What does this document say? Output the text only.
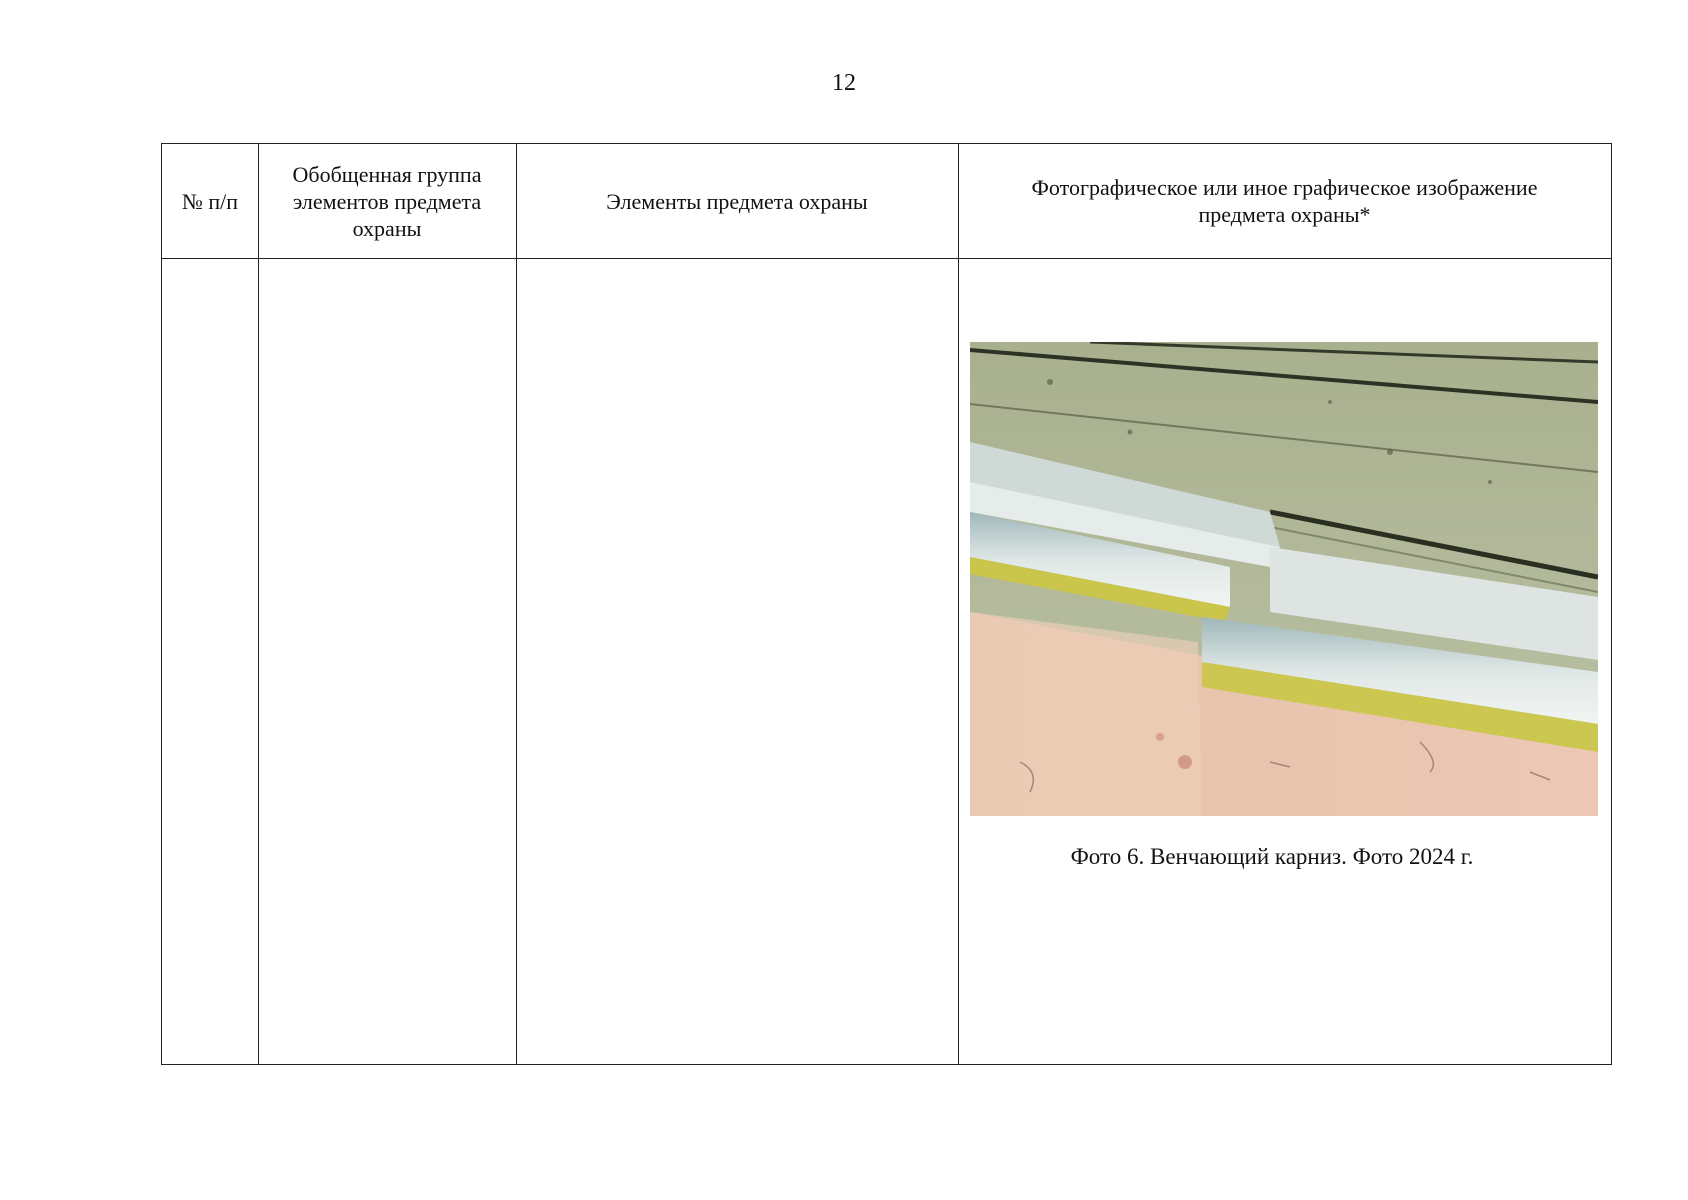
12
№ п/п
Обобщенная группа элементов предмета охраны
Элементы предмета охраны
Фотографическое или иное графическое изображение предмета охраны*
Фото 6. Венчающий карниз. Фото 2024 г.
